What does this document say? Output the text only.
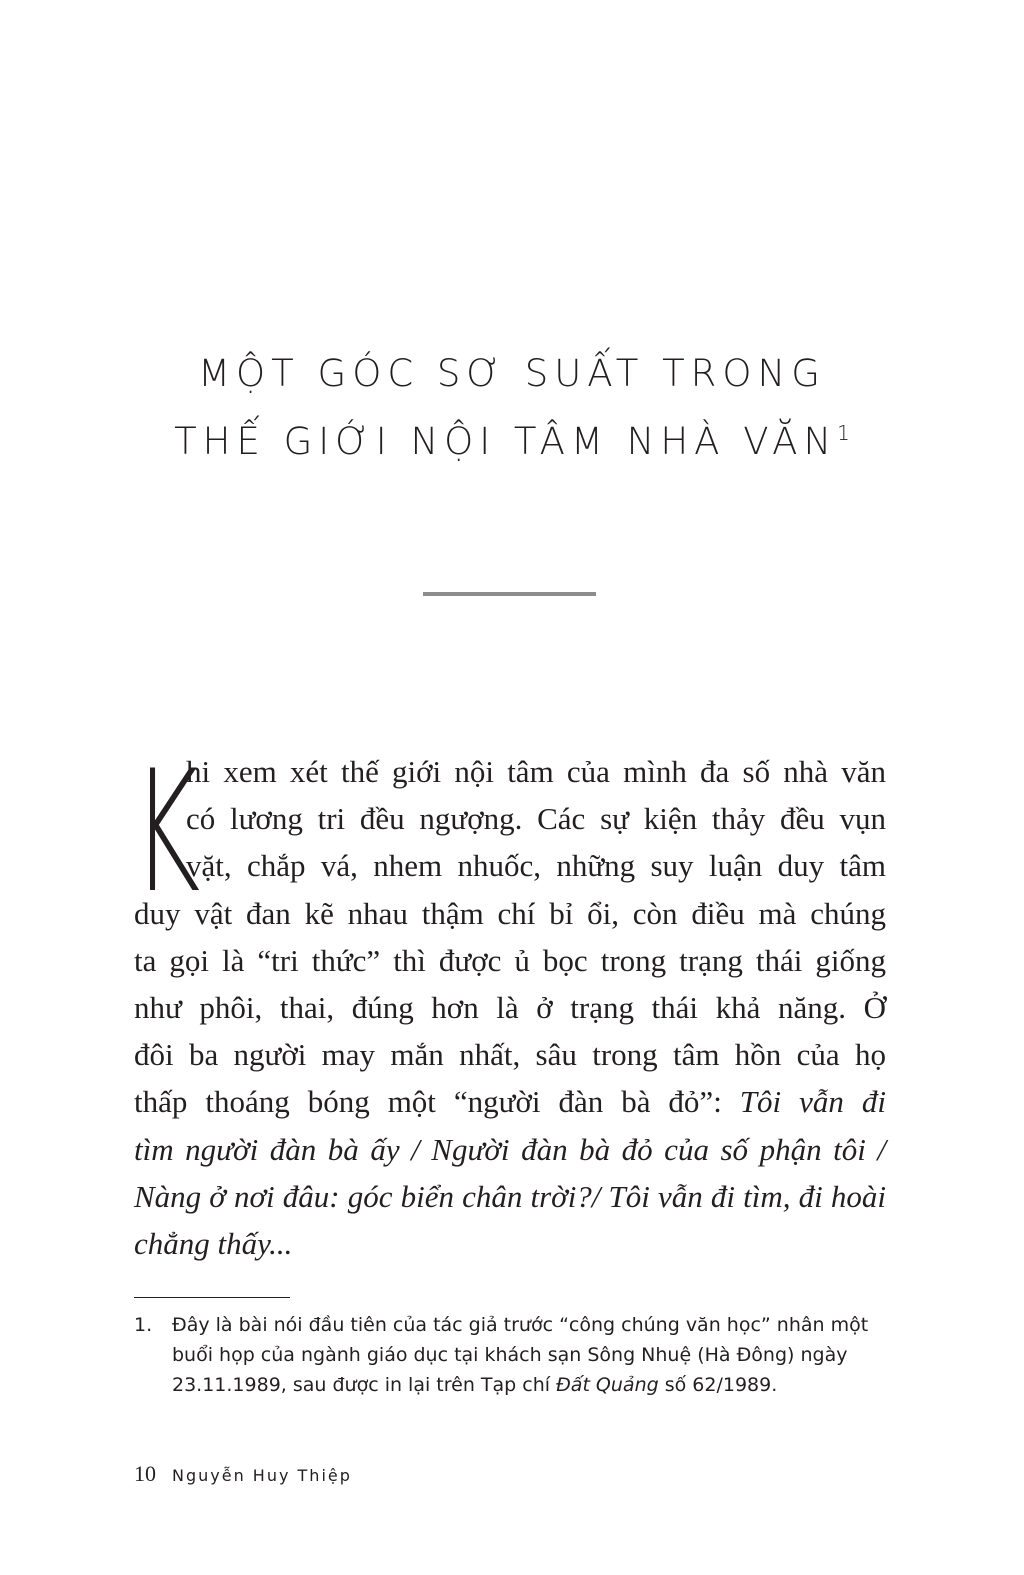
MỘT GÓC SƠ SUẤT TRONG
THẾ GIỚI NỘI TÂM NHÀ VĂN$^1$
K
hi xem xét thế giới nội tâm của mình đa số nhà văn
có lương tri đều ngượng. Các sự kiện thảy đều vụn
vặt, chắp vá, nhem nhuốc, những suy luận duy tâm
duy vật đan kẽ nhau thậm chí bỉ ổi, còn điều mà chúng
ta gọi là “tri thức” thì được ủ bọc trong trạng thái giống
như phôi, thai, đúng hơn là ở trạng thái khả năng. Ở
đôi ba người may mắn nhất, sâu trong tâm hồn của họ
thấp thoáng bóng một “người đàn bà đỏ”: Tôi vẫn đi
tìm người đàn bà ấy / Người đàn bà đỏ của số phận tôi /
Nàng ở nơi đâu: góc biển chân trời?/ Tôi vẫn đi tìm, đi hoài
chẳng thấy...
1. Đây là bài nói đầu tiên của tác giả trước “công chúng văn học” nhân một
buổi họp của ngành giáo dục tại khách sạn Sông Nhuệ (Hà Đông) ngày
23.11.1989, sau được in lại trên Tạp chí Đất Quảng số 62/1989.
10 Nguyễn Huy Thiệp
